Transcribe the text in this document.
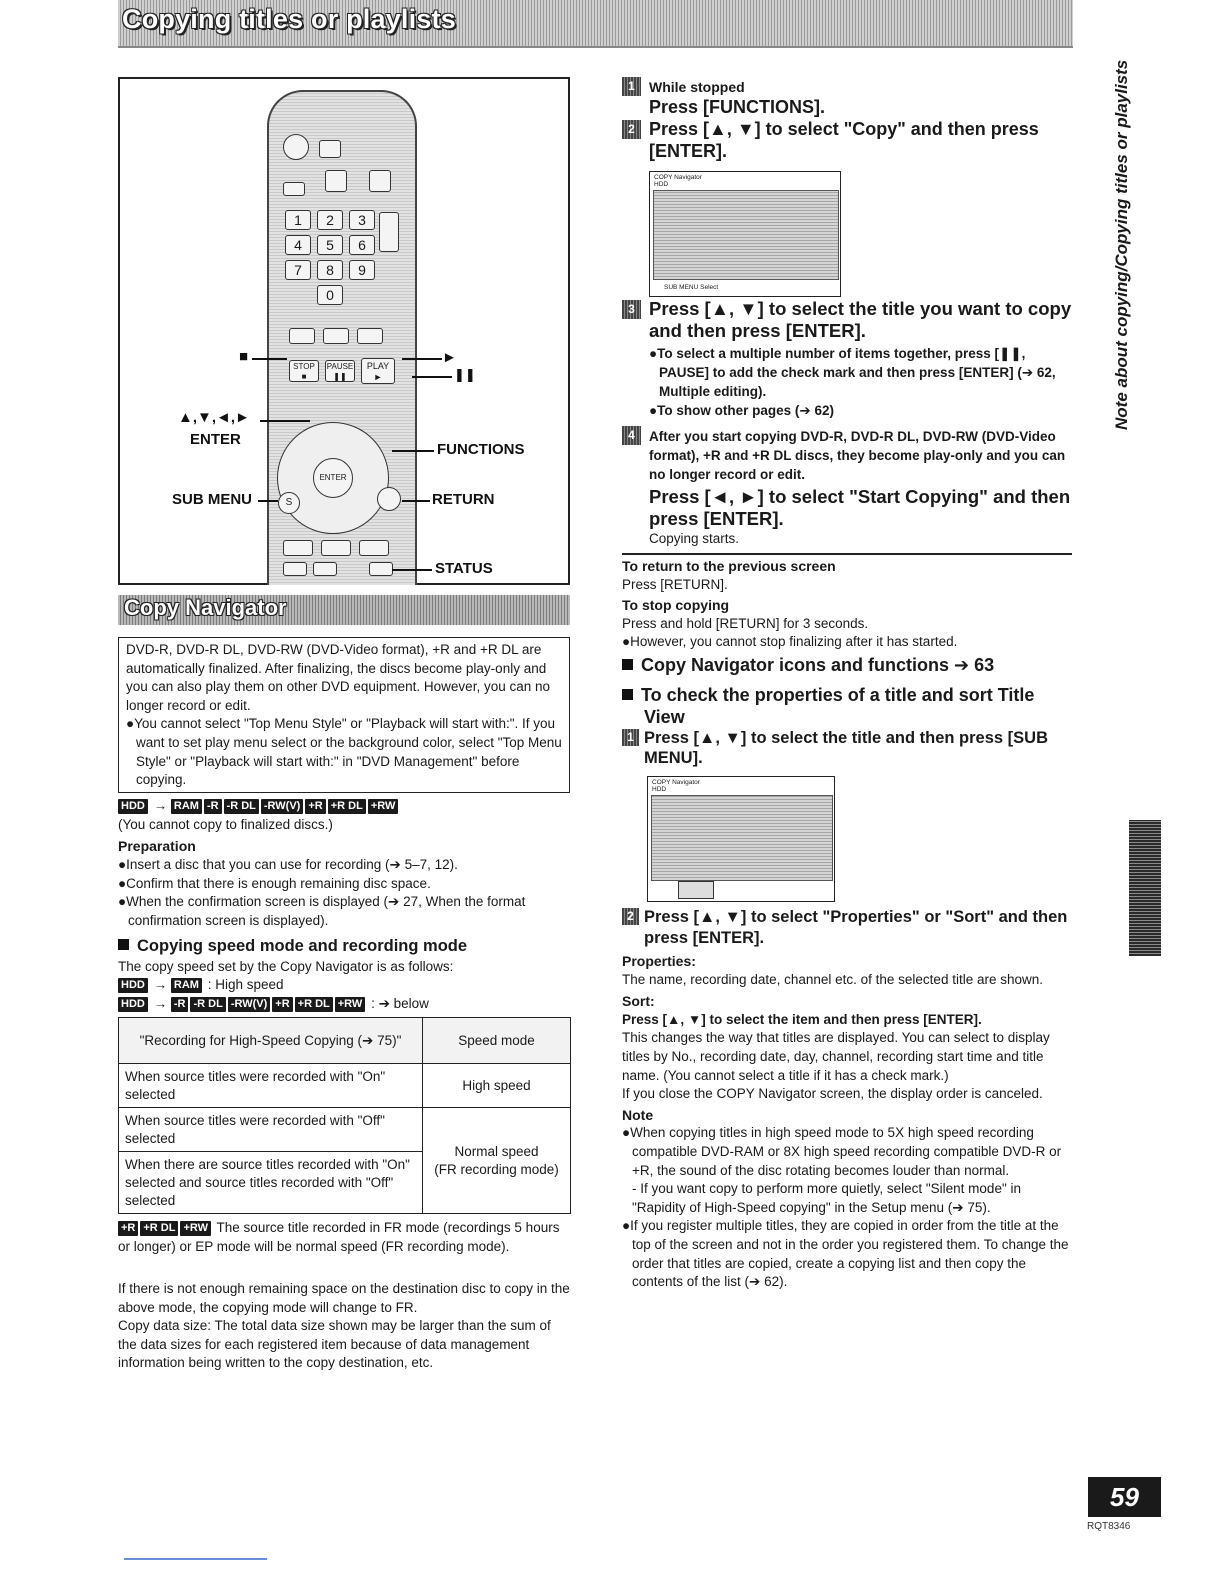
Copying titles or playlists
1	2	3
4	5	6
7	8	9
0
STOP
■
PAUSE
❚❚
PLAY
►
ENTER
S
■	►
❚❚
▲,▼,◄,►
ENTER
FUNCTIONS
SUB MENU	RETURN
STATUS
Copy Navigator

DVD-R, DVD-R DL, DVD-RW (DVD-Video format), +R and +R DL are automatically finalized. After finalizing, the discs become play-only and you can also play them on other DVD equipment. However, you can no longer record or edit.

●You cannot select "Top Menu Style" or "Playback will start with:". If you want to set play menu select or the background color, select "Top Menu Style" or "Playback will start with:" in "DVD Management" before copying.

HDD → RAM -R -R DL -RW(V) +R +R DL +RW
(You cannot copy to finalized discs.)
Preparation

●Insert a disc that you can use for recording (➔ 5–7, 12).

●Confirm that there is enough remaining disc space.

●When the confirmation screen is displayed (➔ 27, When the format confirmation screen is displayed).

Copying speed mode and recording mode
The copy speed set by the Copy Navigator is as follows:
HDD → RAM : High speed
HDD → -R -R DL -RW(V) +R +R DL +RW : ➔ below
"Recording for High-Speed Copying (➔ 75)"	Speed mode
When source titles were recorded with "On" selected	High speed
When source titles were recorded with "Off" selected	Normal speed
(FR recording mode)
When there are source titles recorded with "On" selected and source titles recorded with "Off" selected	
+R +R DL +RW The source title recorded in FR mode (recordings 5 hours or longer) or EP mode will be normal speed (FR recording mode).
If there is not enough remaining space on the destination disc to copy in the above mode, the copying mode will change to FR.
Copy data size: The total data size shown may be larger than the sum of the data sizes for each registered item because of data management information being written to the copy destination, etc.
1 While stopped
Press [FUNCTIONS].
2 Press [▲, ▼] to select "Copy" and then press [ENTER].
COPY Navigator
HDD
SUB MENU Select
3 Press [▲, ▼] to select the title you want to copy and then press [ENTER].

●To select a multiple number of items together, press [❚❚, PAUSE] to add the check mark and then press [ENTER] (➔ 62, Multiple editing).

●To show other pages (➔ 62)

4 After you start copying DVD-R, DVD-R DL, DVD-RW (DVD-Video format), +R and +R DL discs, they become play-only and you can no longer record or edit.
Press [◄, ►] to select "Start Copying" and then press [ENTER].
Copying starts.
To return to the previous screen
Press [RETURN].
To stop copying
Press and hold [RETURN] for 3 seconds.
●However, you cannot stop finalizing after it has started.
Copy Navigator icons and functions ➔ 63
To check the properties of a title and sort Title View
1 Press [▲, ▼] to select the title and then press [SUB MENU].
COPY Navigator
HDD
2 Press [▲, ▼] to select "Properties" or "Sort" and then press [ENTER].
Properties:
The name, recording date, channel etc. of the selected title are shown.
Sort:
Press [▲, ▼] to select the item and then press [ENTER].
This changes the way that titles are displayed. You can select to display titles by No., recording date, day, channel, recording start time and title name. (You cannot select a title if it has a check mark.)
If you close the COPY Navigator screen, the display order is canceled.
Note

●When copying titles in high speed mode to 5X high speed recording compatible DVD-RAM or 8X high speed recording compatible DVD-R or +R, the sound of the disc rotating becomes louder than normal.

- If you want copy to perform more quietly, select "Silent mode" in "Rapidity of High-Speed copying" in the Setup menu (➔ 75).

●If you register multiple titles, they are copied in order from the title at the top of the screen and not in the order you registered them. To change the order that titles are copied, create a copying list and then copy the contents of the list (➔ 62).

Note about copying/Copying titles or playlists
59
RQT8346
